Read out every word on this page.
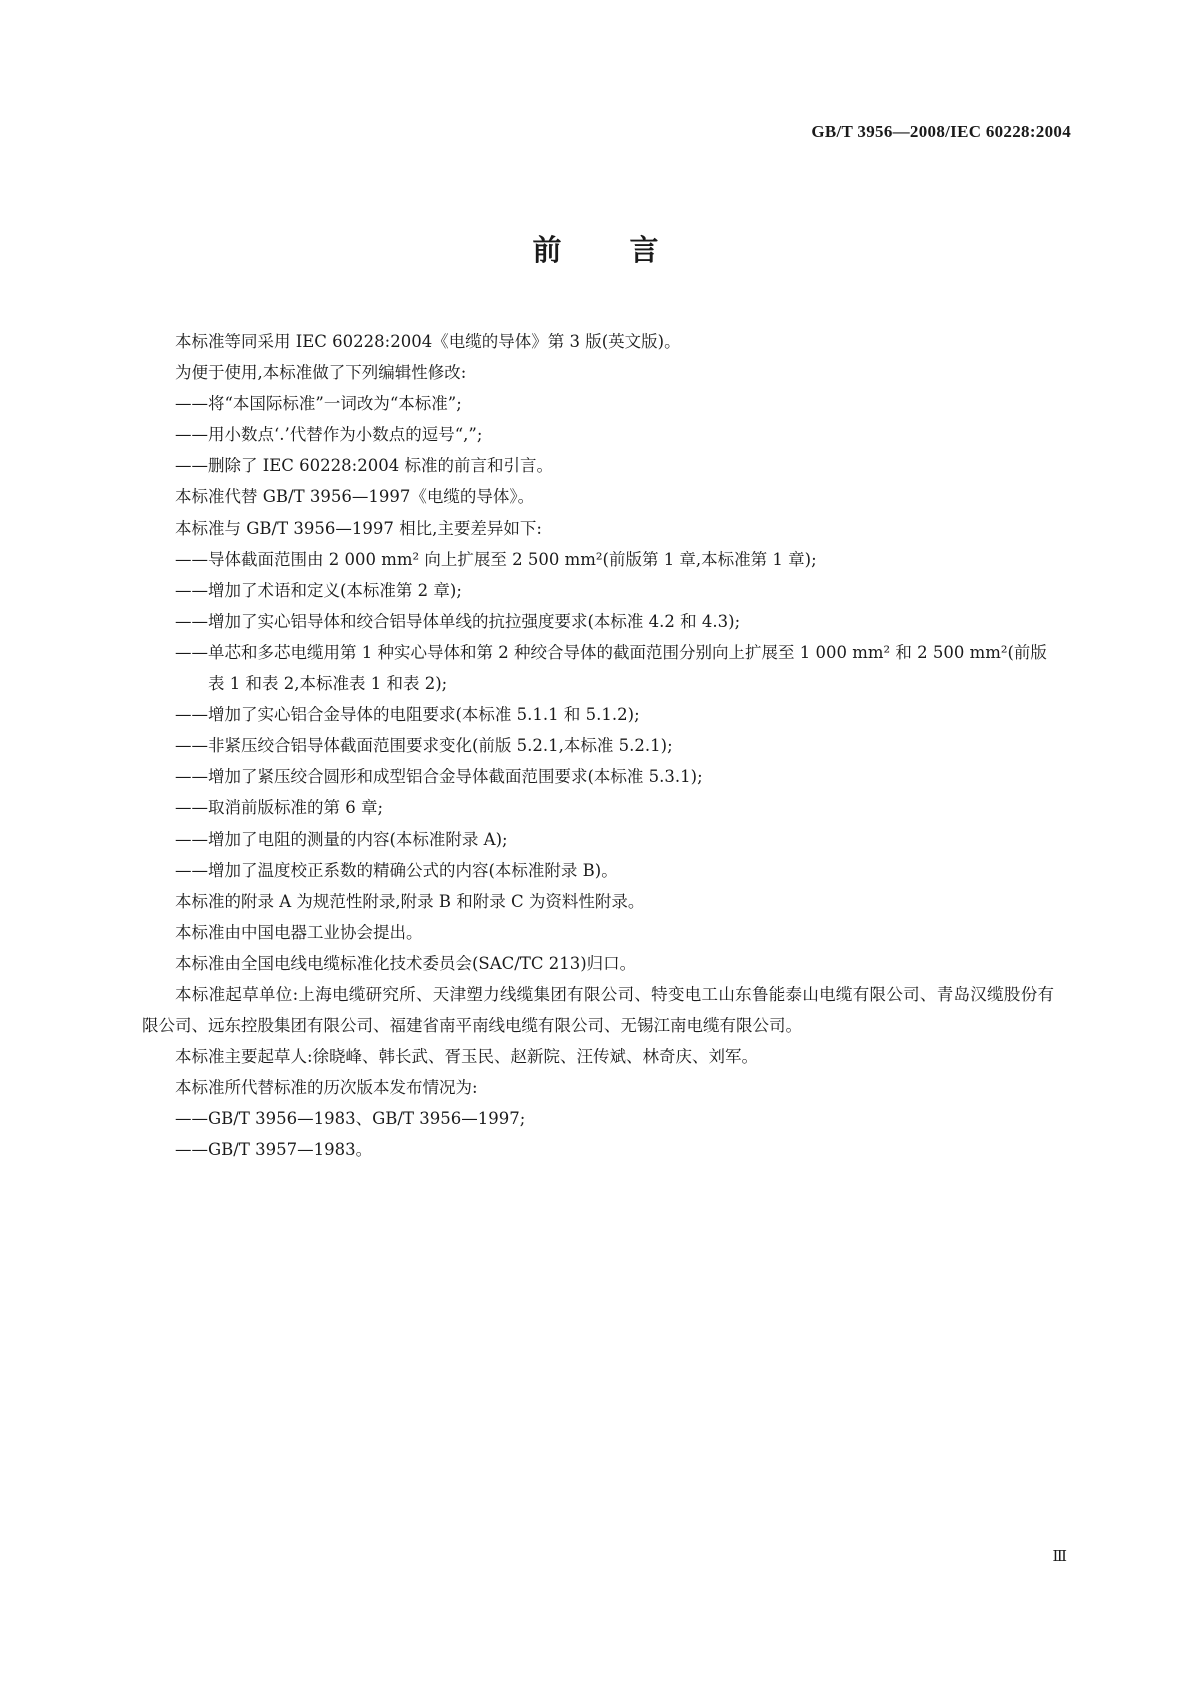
GB/T 3956—2008/IEC 60228:2004
前 言

本标准等同采用 IEC 60228:2004《电缆的导体》第 3 版(英文版)。

为便于使用,本标准做了下列编辑性修改:

——将“本国际标准”一词改为“本标准”;

——用小数点‘.’代替作为小数点的逗号“,”;

——删除了 IEC 60228:2004 标准的前言和引言。

本标准代替 GB/T 3956—1997《电缆的导体》。

本标准与 GB/T 3956—1997 相比,主要差异如下:

——导体截面范围由 2 000 mm² 向上扩展至 2 500 mm²(前版第 1 章,本标准第 1 章);

——增加了术语和定义(本标准第 2 章);

——增加了实心铝导体和绞合铝导体单线的抗拉强度要求(本标准 4.2 和 4.3);

——单芯和多芯电缆用第 1 种实心导体和第 2 种绞合导体的截面范围分别向上扩展至 1 000 mm² 和 2 500 mm²(前版表 1 和表 2,本标准表 1 和表 2);

——增加了实心铝合金导体的电阻要求(本标准 5.1.1 和 5.1.2);

——非紧压绞合铝导体截面范围要求变化(前版 5.2.1,本标准 5.2.1);

——增加了紧压绞合圆形和成型铝合金导体截面范围要求(本标准 5.3.1);

——取消前版标准的第 6 章;

——增加了电阻的测量的内容(本标准附录 A);

——增加了温度校正系数的精确公式的内容(本标准附录 B)。

本标准的附录 A 为规范性附录,附录 B 和附录 C 为资料性附录。

本标准由中国电器工业协会提出。

本标准由全国电线电缆标准化技术委员会(SAC/TC 213)归口。

本标准起草单位:上海电缆研究所、天津塑力线缆集团有限公司、特变电工山东鲁能泰山电缆有限公司、青岛汉缆股份有限公司、远东控股集团有限公司、福建省南平南线电缆有限公司、无锡江南电缆有限公司。

本标准主要起草人:徐晓峰、韩长武、胥玉民、赵新院、汪传斌、林奇庆、刘军。

本标准所代替标准的历次版本发布情况为:

——GB/T 3956—1983、GB/T 3956—1997;

——GB/T 3957—1983。

Ⅲ
